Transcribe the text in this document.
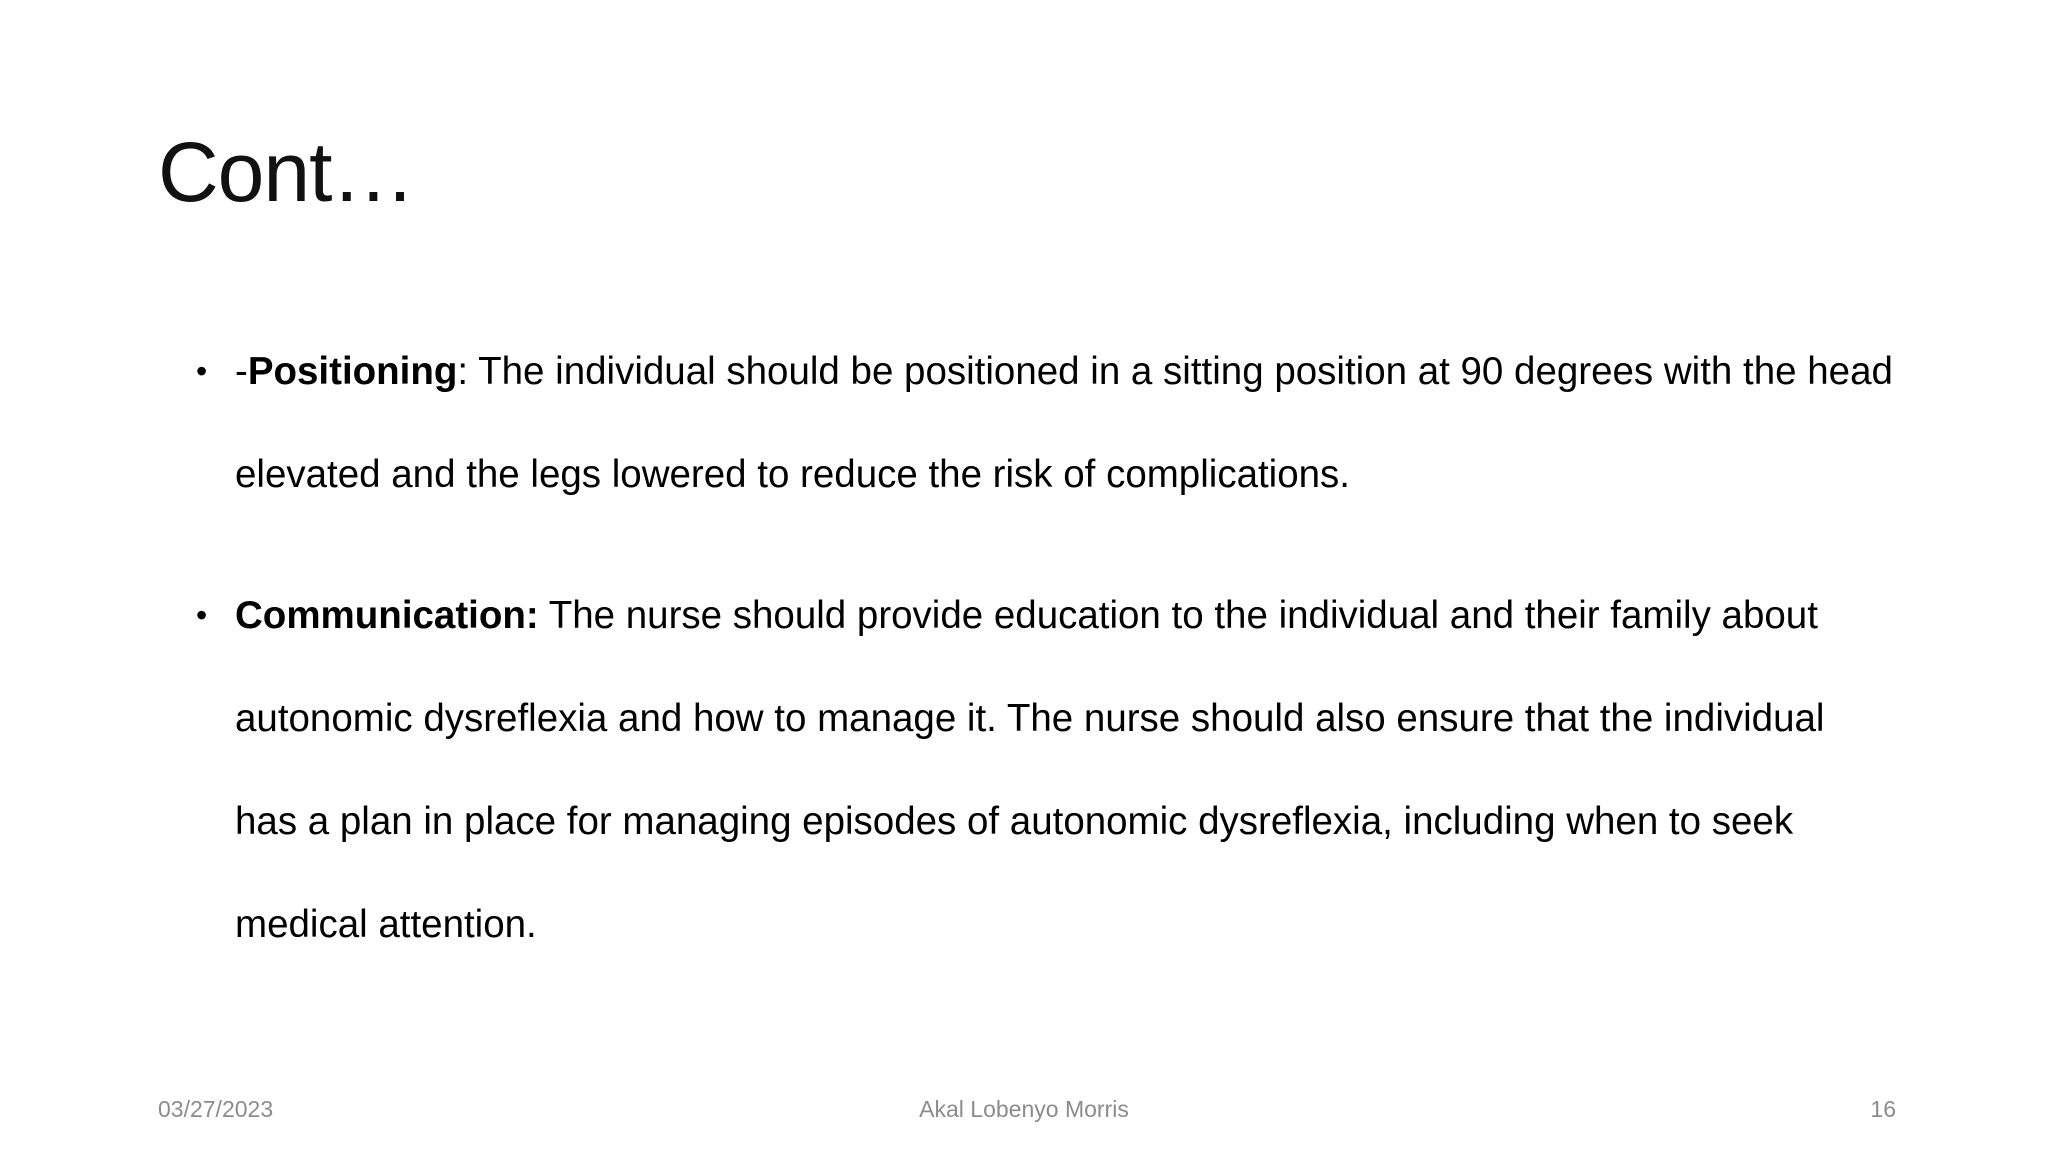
Cont…
• -Positioning: The individual should be positioned in a sitting position at 90 degrees with the head elevated and the legs lowered to reduce the risk of complications.
• Communication: The nurse should provide education to the individual and their family about autonomic dysreflexia and how to manage it. The nurse should also ensure that the individual has a plan in place for managing episodes of autonomic dysreflexia, including when to seek medical attention.
03/27/2023	Akal Lobenyo Morris	16
